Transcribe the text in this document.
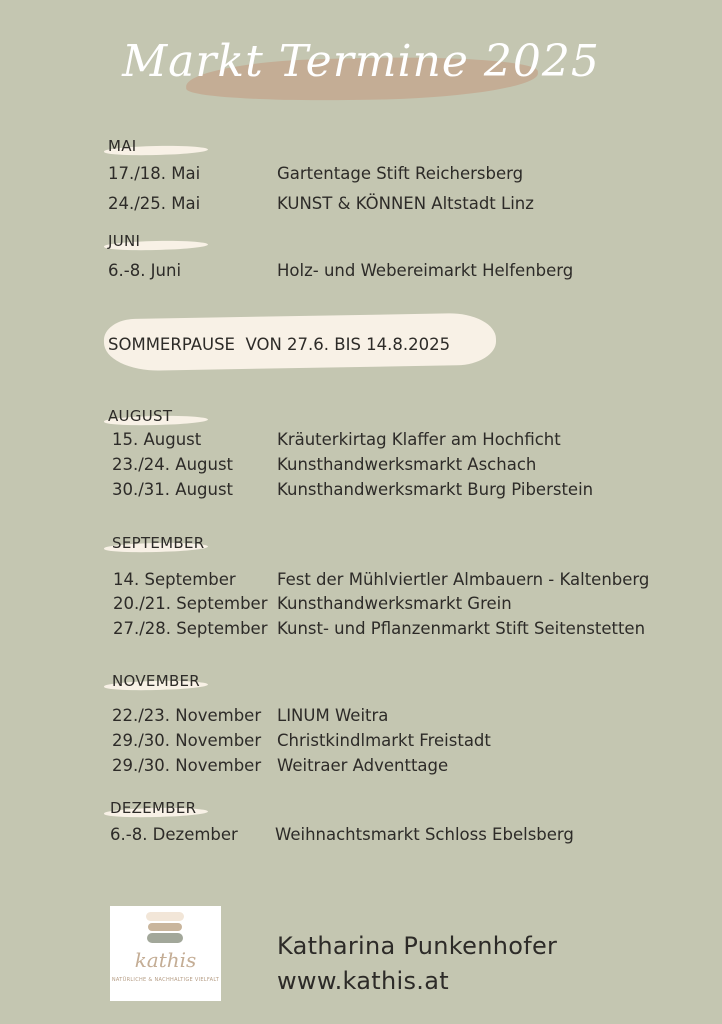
Markt Termine 2025
MAI
17./18. Mai	Gartentage Stift Reichersberg
24./25. Mai	KUNST & KÖNNEN Altstadt Linz
JUNI
6.-8. Juni	Holz- und Webereimarkt Helfenberg
SOMMERPAUSE  VON 27.6. BIS 14.8.2025
AUGUST
15. August	Kräuterkirtag Klaffer am Hochficht
23./24. August	Kunsthandwerksmarkt Aschach
30./31. August	Kunsthandwerksmarkt Burg Piberstein
SEPTEMBER
14. September	Fest der Mühlviertler Almbauern - Kaltenberg
20./21. September Kunsthandwerksmarkt Grein
27./28. September Kunst- und Pflanzenmarkt Stift Seitenstetten
NOVEMBER
22./23. November LINUM Weitra
29./30. November Christkindlmarkt Freistadt
29./30. November Weitraer Adventtage
DEZEMBER
6.-8. Dezember Weihnachtsmarkt Schloss Ebelsberg
kathis
NATÜRLICHE & NACHHALTIGE VIELFALT
Katharina Punkenhofer
www.kathis.at
